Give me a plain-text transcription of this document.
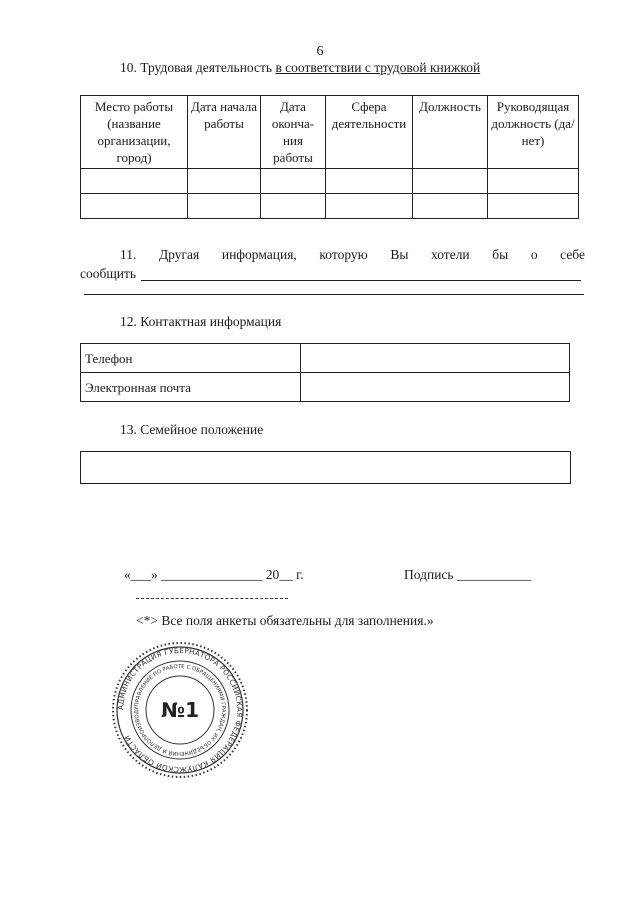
6
10. Трудовая деятельность в соответствии с трудовой книжкой
Место работы (название организации, город)	Дата начала работы	Дата оконча-ния работы	Сфера деятельности	Должность	Руководящая должность (да/нет)

11. Другая информация, которую Вы хотели бы о себе
сообщить
12. Контактная информация
Телефон	
Электронная почта	
13. Семейное положение
«___» _______________ 20__ г.	Подпись ___________
<*> Все поля анкеты обязательны для заполнения.»
АДМИНИСТРАЦИЯ ГУБЕРНАТОРА РОССИЙСКАЯ ФЕДЕРАЦИЯ КАЛУЖСКОЙ ОБЛАСТИ
УПРАВЛЕНИЕ ПО РАБОТЕ С ОБРАЩЕНИЯМИ ГРАЖДАН, ИХ ОБЪЕДИНЕНИЙ И ДЕЛОПРОИЗВОД	№1
